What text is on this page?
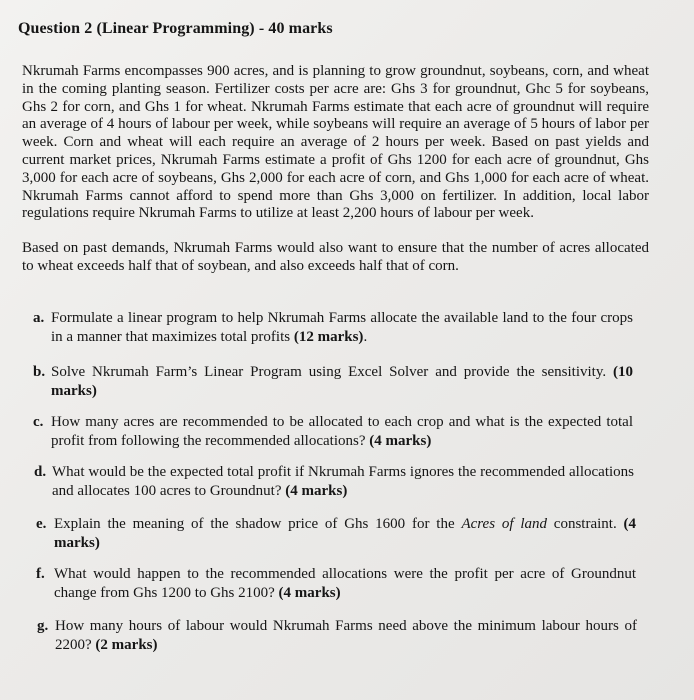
Question 2 (Linear Programming) - 40 marks

Nkrumah Farms encompasses 900 acres, and is planning to grow groundnut, soybeans, corn, and wheat in the coming planting season. Fertilizer costs per acre are: Ghs 3 for groundnut, Ghc 5 for soybeans, Ghs 2 for corn, and Ghs 1 for wheat. Nkrumah Farms estimate that each acre of groundnut will require an average of 4 hours of labour per week, while soybeans will require an average of 5 hours of labor per week. Corn and wheat will each require an average of 2 hours per week. Based on past yields and current market prices, Nkrumah Farms estimate a profit of Ghs 1200 for each acre of groundnut, Ghs 3,000 for each acre of soybeans, Ghs 2,000 for each acre of corn, and Ghs 1,000 for each acre of wheat. Nkrumah Farms cannot afford to spend more than Ghs 3,000 on fertilizer. In addition, local labor regulations require Nkrumah Farms to utilize at least 2,200 hours of labour per week.

Based on past demands, Nkrumah Farms would also want to ensure that the number of acres allocated to wheat exceeds half that of soybean, and also exceeds half that of corn.

a. Formulate a linear program to help Nkrumah Farms allocate the available land to the four crops in a manner that maximizes total profits (12 marks).
b. Solve Nkrumah Farm’s Linear Program using Excel Solver and provide the sensitivity. (10 marks)
c. How many acres are recommended to be allocated to each crop and what is the expected total profit from following the recommended allocations? (4 marks)
d. What would be the expected total profit if Nkrumah Farms ignores the recommended allocations and allocates 100 acres to Groundnut? (4 marks)
e. Explain the meaning of the shadow price of Ghs 1600 for the Acres of land constraint. (4 marks)
f. What would happen to the recommended allocations were the profit per acre of Groundnut change from Ghs 1200 to Ghs 2100? (4 marks)
g. How many hours of labour would Nkrumah Farms need above the minimum labour hours of 2200? (2 marks)
